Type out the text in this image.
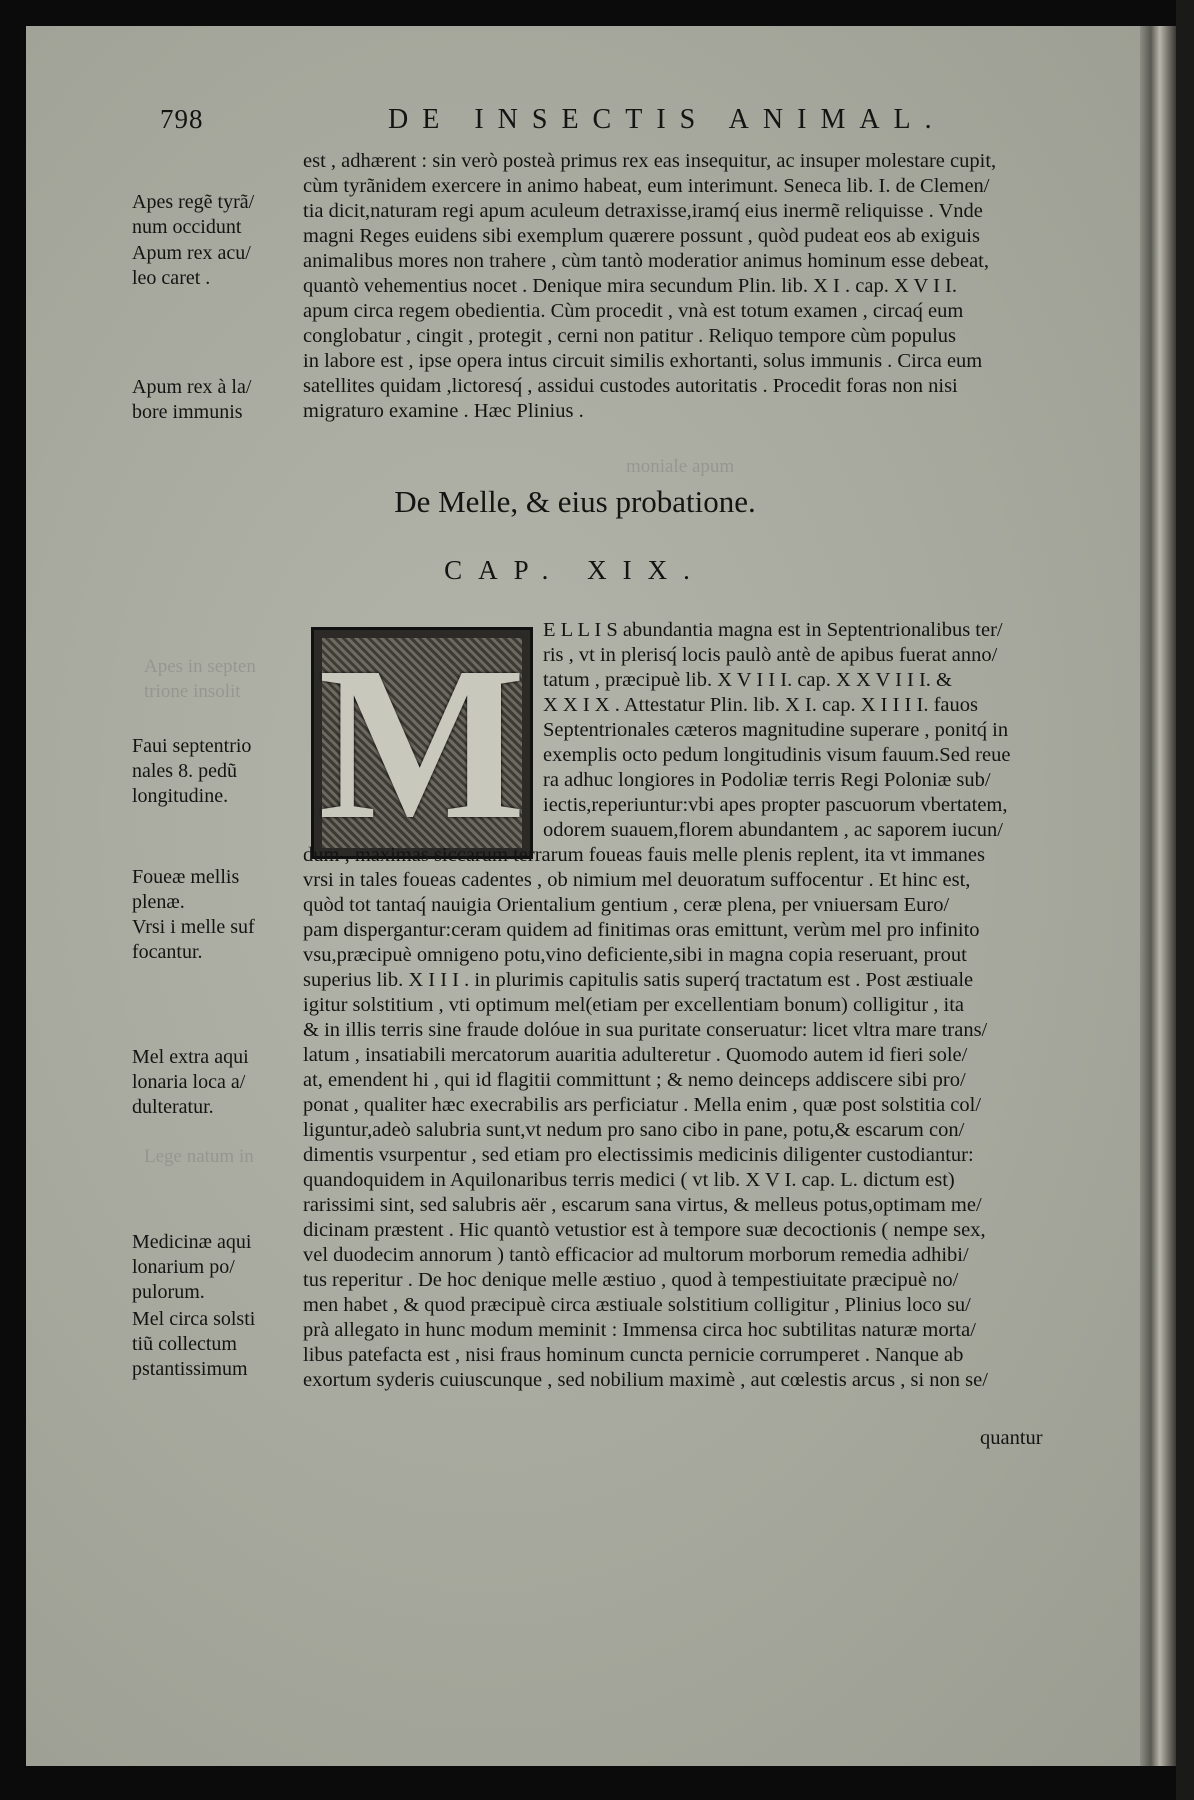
Apes in septen
trione insolit
Lege natum in
moniale apum
798	DE INSECTIS ANIMAL.
est , adhærent : sin verò posteà primus rex eas insequitur, ac insuper molestare cupit,
cùm tyrãnidem exercere in animo habeat, eum interimunt. Seneca lib. I. de Clemen/
tia dicit,naturam regi apum aculeum detraxisse,iramq́ eius inermẽ reliquisse . Vnde
magni Reges euidens sibi exemplum quærere possunt , quòd pudeat eos ab exiguis
animalibus mores non trahere , cùm tantò moderatior animus hominum esse debeat,
quantò vehementius nocet . Denique mira secundum Plin. lib. X I . cap. X V I I.
apum circa regem obedientia. Cùm procedit , vnà est totum examen , circaq́ eum
conglobatur , cingit , protegit , cerni non patitur . Reliquo tempore cùm populus
in labore est , ipse opera intus circuit similis exhortanti, solus immunis . Circa eum
satellites quidam ,lictoresq́ , assidui custodes autoritatis . Procedit foras non nisi
migraturo examine . Hæc Plinius .
De Melle, & eius probatione.
CAP. XIX.
M E L L I S abundantia magna est in Septentrionalibus ter/
ris , vt in plerisq́ locis paulò antè de apibus fuerat anno/
tatum , præcipuè lib. X V I I I. cap. X X V I I I. &
X X I X . Attestatur Plin. lib. X I. cap. X I I I I. fauos
Septentrionales cæteros magnitudine superare , ponitq́ in
exemplis octo pedum longitudinis visum fauum.Sed reue
ra adhuc longiores in Podoliæ terris Regi Poloniæ sub/
iectis,reperiuntur:vbi apes propter pascuorum vbertatem,
odorem suauem,florem abundantem , ac saporem iucun/
dum , maximas siccarum terrarum foueas fauis melle plenis replent, ita vt immanes
vrsi in tales foueas cadentes , ob nimium mel deuoratum suffocentur . Et hinc est,
quòd tot tantaq́ nauigia Orientalium gentium , ceræ plena, per vniuersam Euro/
pam dispergantur:ceram quidem ad finitimas oras emittunt, verùm mel pro infinito
vsu,præcipuè omnigeno potu,vino deficiente,sibi in magna copia reseruant, prout
superius lib. X I I I . in plurimis capitulis satis superq́ tractatum est . Post æstiuale
igitur solstitium , vti optimum mel(etiam per excellentiam bonum) colligitur , ita
& in illis terris sine fraude dolóue in sua puritate conseruatur: licet vltra mare trans/
latum , insatiabili mercatorum auaritia adulteretur . Quomodo autem id fieri sole/
at, emendent hi , qui id flagitii committunt ; & nemo deinceps addiscere sibi pro/
ponat , qualiter hæc execrabilis ars perficiatur . Mella enim , quæ post solstitia col/
liguntur,adeò salubria sunt,vt nedum pro sano cibo in pane, potu,& escarum con/
dimentis vsurpentur , sed etiam pro electissimis medicinis diligenter custodiantur:
quandoquidem in Aquilonaribus terris medici ( vt lib. X V I. cap. L. dictum est)
rarissimi sint, sed salubris aër , escarum sana virtus, & melleus potus,optimam me/
dicinam præstent . Hic quantò vetustior est à tempore suæ decoctionis ( nempe sex,
vel duodecim annorum ) tantò efficacior ad multorum morborum remedia adhibi/
tus reperitur . De hoc denique melle æstiuo , quod à tempestiuitate præcipuè no/
men habet , & quod præcipuè circa æstiuale solstitium colligitur , Plinius loco su/
prà allegato in hunc modum meminit : Immensa circa hoc subtilitas naturæ morta/
libus patefacta est , nisi fraus hominum cuncta pernicie corrumperet . Nanque ab
exortum syderis cuiuscunque , sed nobilium maximè , aut cœlestis arcus , si non se/
quantur
Apes regẽ tyrã/
num occidunt
Apum rex acu/
leo caret .
Apum rex à la/
bore immunis
Faui septentrio
nales 8. pedũ
longitudine.
Foueæ mellis
plenæ.
Vrsi i melle suf
focantur.
Mel extra aqui
lonaria loca a/
dulteratur.
Medicinæ aqui
lonarium po/
pulorum.
Mel circa solsti
tiũ collectum
pstantissimum
